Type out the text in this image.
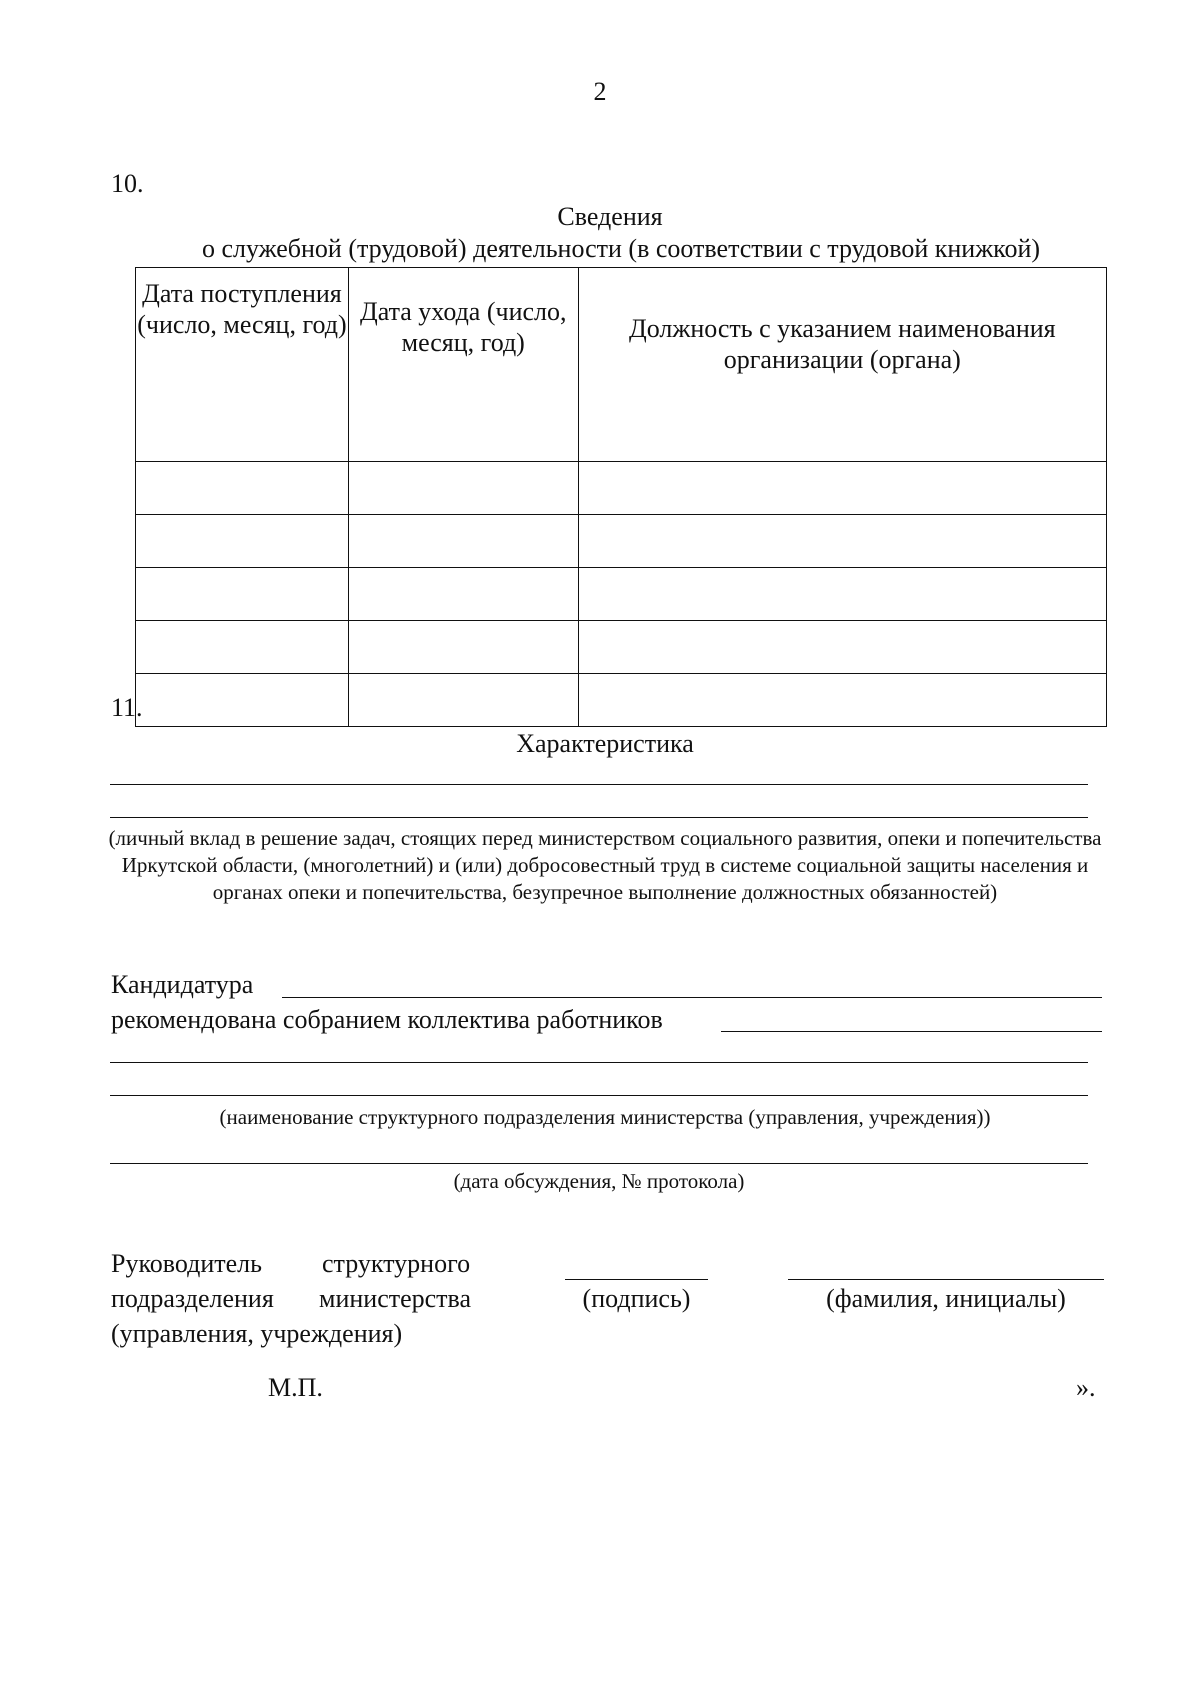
2
10.
Сведения
о служебной (трудовой) деятельности (в соответствии с трудовой книжкой)
Дата поступления (число, месяц, год)	Дата ухода (число, месяц, год)	Должность с указанием наименования организации (органа)

11.
Характеристика
(личный вклад в решение задач, стоящих перед министерством социального развития, опеки и попечительства Иркутской области, (многолетний) и (или) добросовестный труд в системе социальной защиты населения и органах опеки и попечительства, безупречное выполнение должностных обязанностей)
Кандидатура
рекомендована собранием коллектива работников
(наименование структурного подразделения министерства (управления, учреждения))
(дата обсуждения, № протокола)
Руководитель структурного
подразделения министерства
(управления, учреждения)
(подпись)	(фамилия, инициалы)
М.П.	».
